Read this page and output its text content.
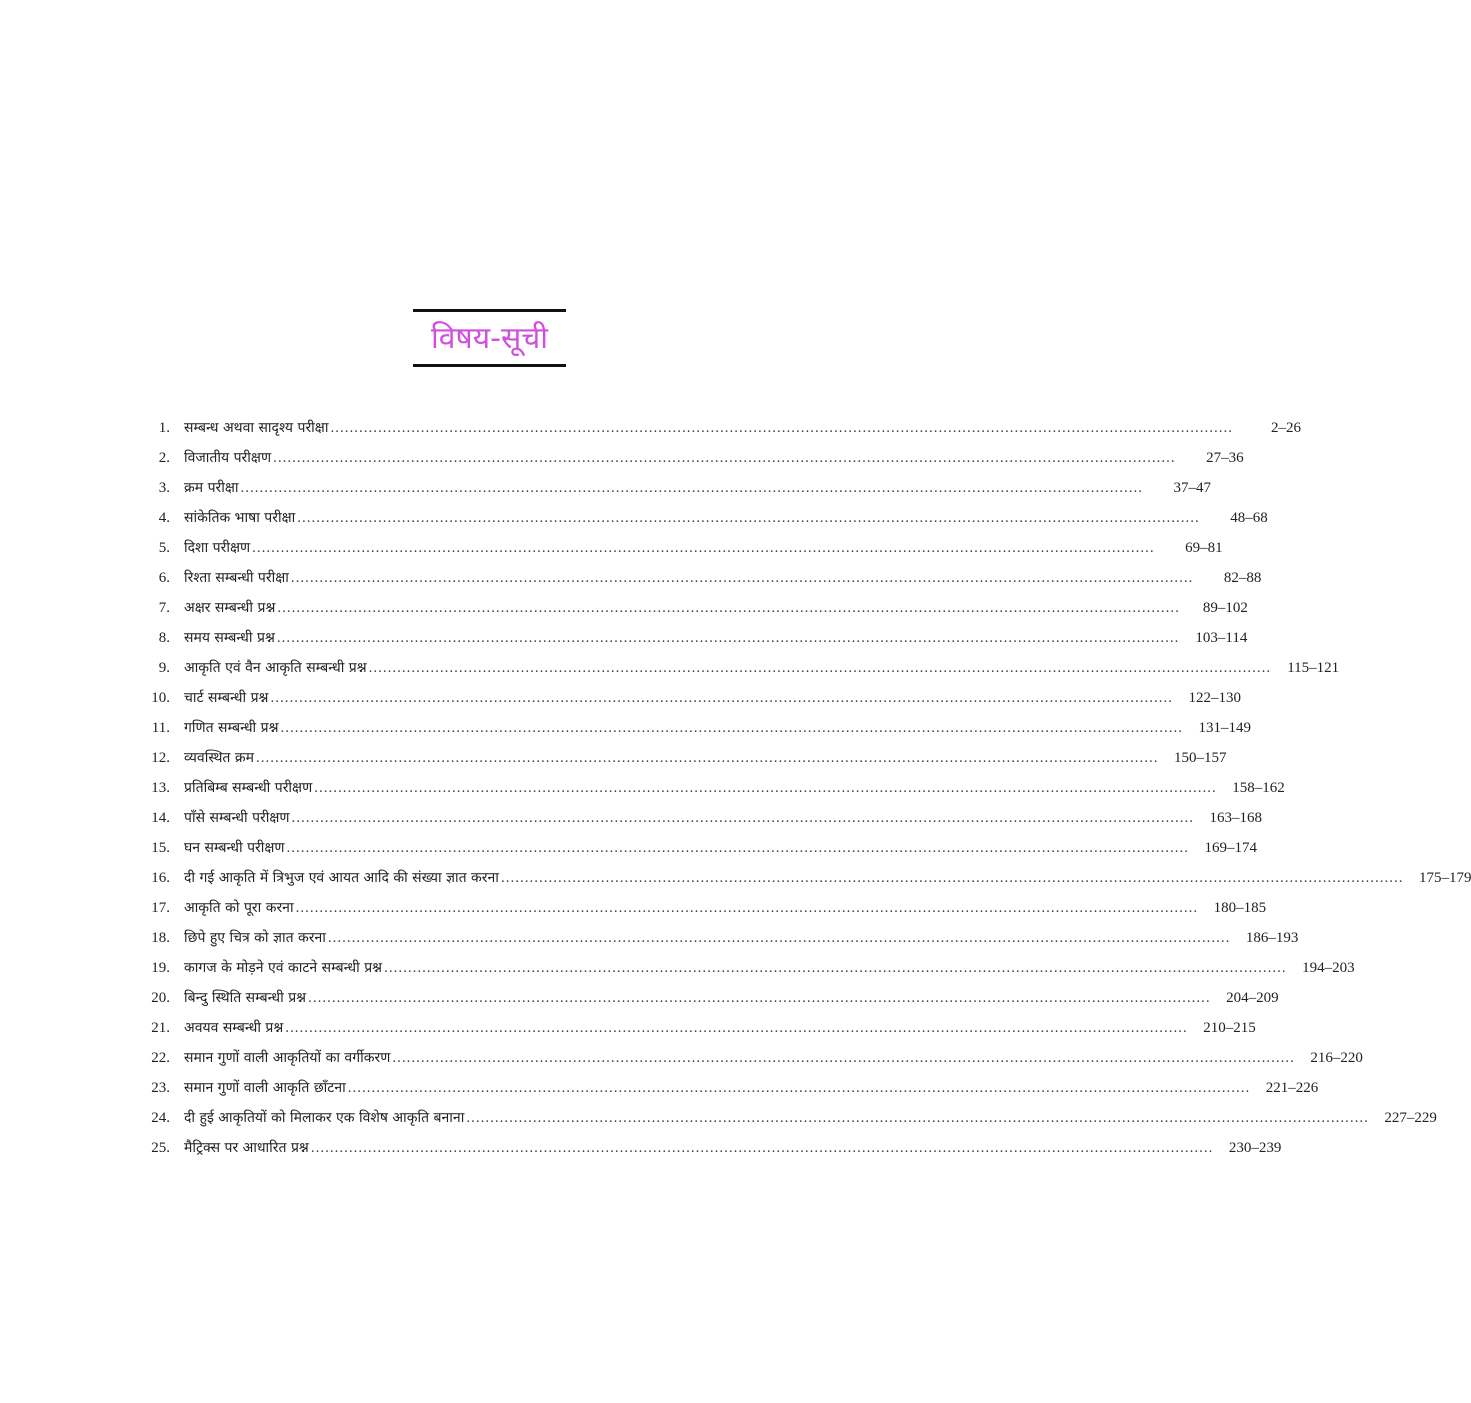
विषय-सूची
1.	सम्बन्ध अथवा सादृश्य परीक्षा .....	2–26
2.	विजातीय परीक्षण .....	27–36
3.	क्रम परीक्षा .....	37–47
4.	सांकेतिक भाषा परीक्षा .....	48–68
5.	दिशा परीक्षण .....	69–81
6.	रिश्ता सम्बन्धी परीक्षा .....	82–88
7.	अक्षर सम्बन्धी प्रश्न .....	89–102
8.	समय सम्बन्धी प्रश्न .....	103–114
9.	आकृति एवं वैन आकृति सम्बन्धी प्रश्न .....	115–121
10.	चार्ट सम्बन्धी प्रश्न .....	122–130
11.	गणित सम्बन्धी प्रश्न .....	131–149
12.	व्यवस्थित क्रम .....	150–157
13.	प्रतिबिम्ब सम्बन्धी परीक्षण .....	158–162
14.	पाँसे सम्बन्धी परीक्षण .....	163–168
15.	घन सम्बन्धी परीक्षण .....	169–174
16.	दी गई आकृति में त्रिभुज एवं आयत आदि की संख्या ज्ञात करना .....	175–179
17.	आकृति को पूरा करना .....	180–185
18.	छिपे हुए चित्र को ज्ञात करना .....	186–193
19.	कागज के मोड़ने एवं काटने सम्बन्धी प्रश्न .....	194–203
20.	बिन्दु स्थिति सम्बन्धी प्रश्न .....	204–209
21.	अवयव सम्बन्धी प्रश्न .....	210–215
22.	समान गुणों वाली आकृतियों का वर्गीकरण .....	216–220
23.	समान गुणों वाली आकृति छाँटना .....	221–226
24.	दी हुई आकृतियों को मिलाकर एक विशेष आकृति बनाना .....	227–229
25.	मैट्रिक्स पर आधारित प्रश्न .....	230–239
